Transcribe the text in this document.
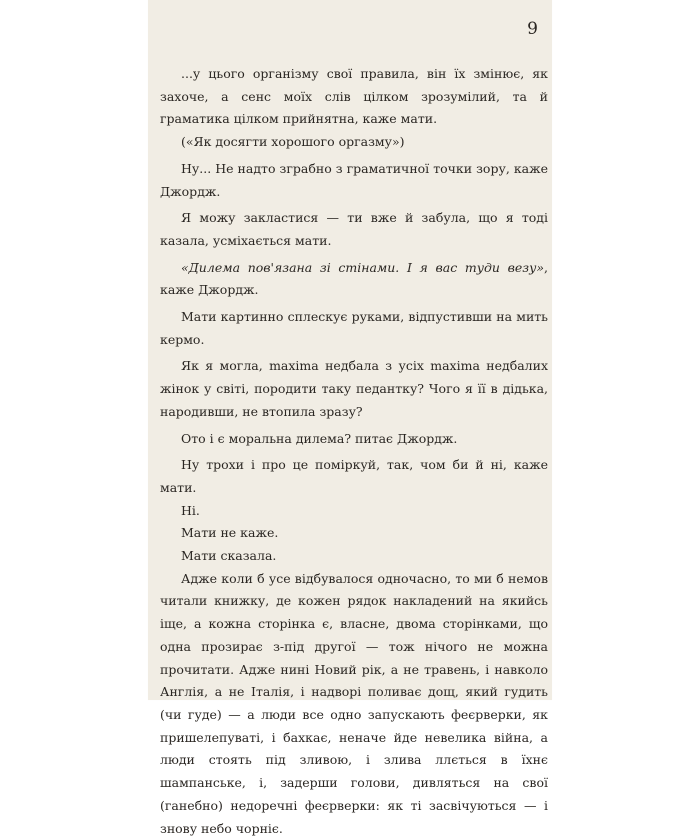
9

...у цього організму свої правила, він їх змінює, як захоче, а сенс моїх слів цілком зрозумілий, та й граматика цілком прийнятна, каже мати.

(«Як досягти хорошого оргазму»)

Ну... Не надто зграбно з граматичної точки зору, каже Джордж.

Я можу закластися — ти вже й забула, що я тоді казала, усміхається мати.

«Дилема пов'язана зі стінами. І я вас туди везу», каже Джордж.

Мати картинно сплескує руками, відпустивши на мить кермо.

Як я могла, maxima недбала з усіх maxima недбалих жінок у світі, породити таку педантку? Чого я її в дідька, народивши, не втопила зразу?

Ото і є моральна дилема? питає Джордж.

Ну трохи і про це поміркуй, так, чом би й ні, каже мати.

Ні.

Мати не каже.

Мати сказала.

Адже коли б усе відбувалося одночасно, то ми б немов читали книжку, де кожен рядок накладений на якийсь іще, а кожна сторінка є, власне, двома сторінками, що одна прозирає з-під другої — тож нічого не можна прочитати. Адже нині Новий рік, а не травень, і навколо Англія, а не Італія, і надворі поливає дощ, який гудить (чи гуде) — а люди все одно запускають феєрверки, як пришелепуваті, і бахкає, неначе йде невелика війна, а люди стоять під зливою, і злива ллється в їхнє шампанське, і, задерши голови, дивляться на свої (ганебно) недоречні феєрверки: як ті засвічуються — і знову небо чорніє.
